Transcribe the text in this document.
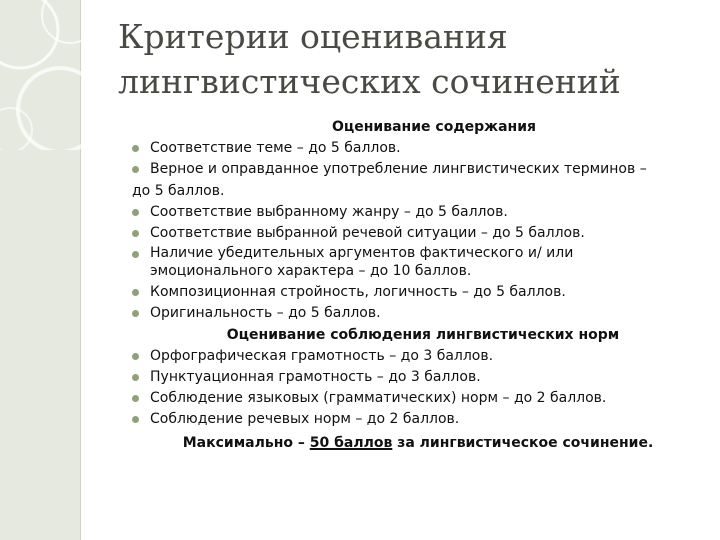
Критерии оценивания
лингвистических сочинений
Оценивание содержания
Соответствие теме – до 5 баллов.
Верное и оправданное употребление лингвистических терминов –
до 5 баллов.
Соответствие выбранному жанру – до 5 баллов.
Соответствие выбранной речевой ситуации – до 5 баллов.
Наличие убедительных аргументов фактического и/ или эмоционального характера – до 10 баллов.
Композиционная стройность, логичность – до 5 баллов.
Оригинальность – до 5 баллов.
Оценивание соблюдения лингвистических норм
Орфографическая грамотность – до 3 баллов.
Пунктуационная грамотность – до 3 баллов.
Соблюдение языковых (грамматических) норм – до 2 баллов.
Соблюдение речевых норм – до 2 баллов.
Максимально – 50 баллов за лингвистическое сочинение.
